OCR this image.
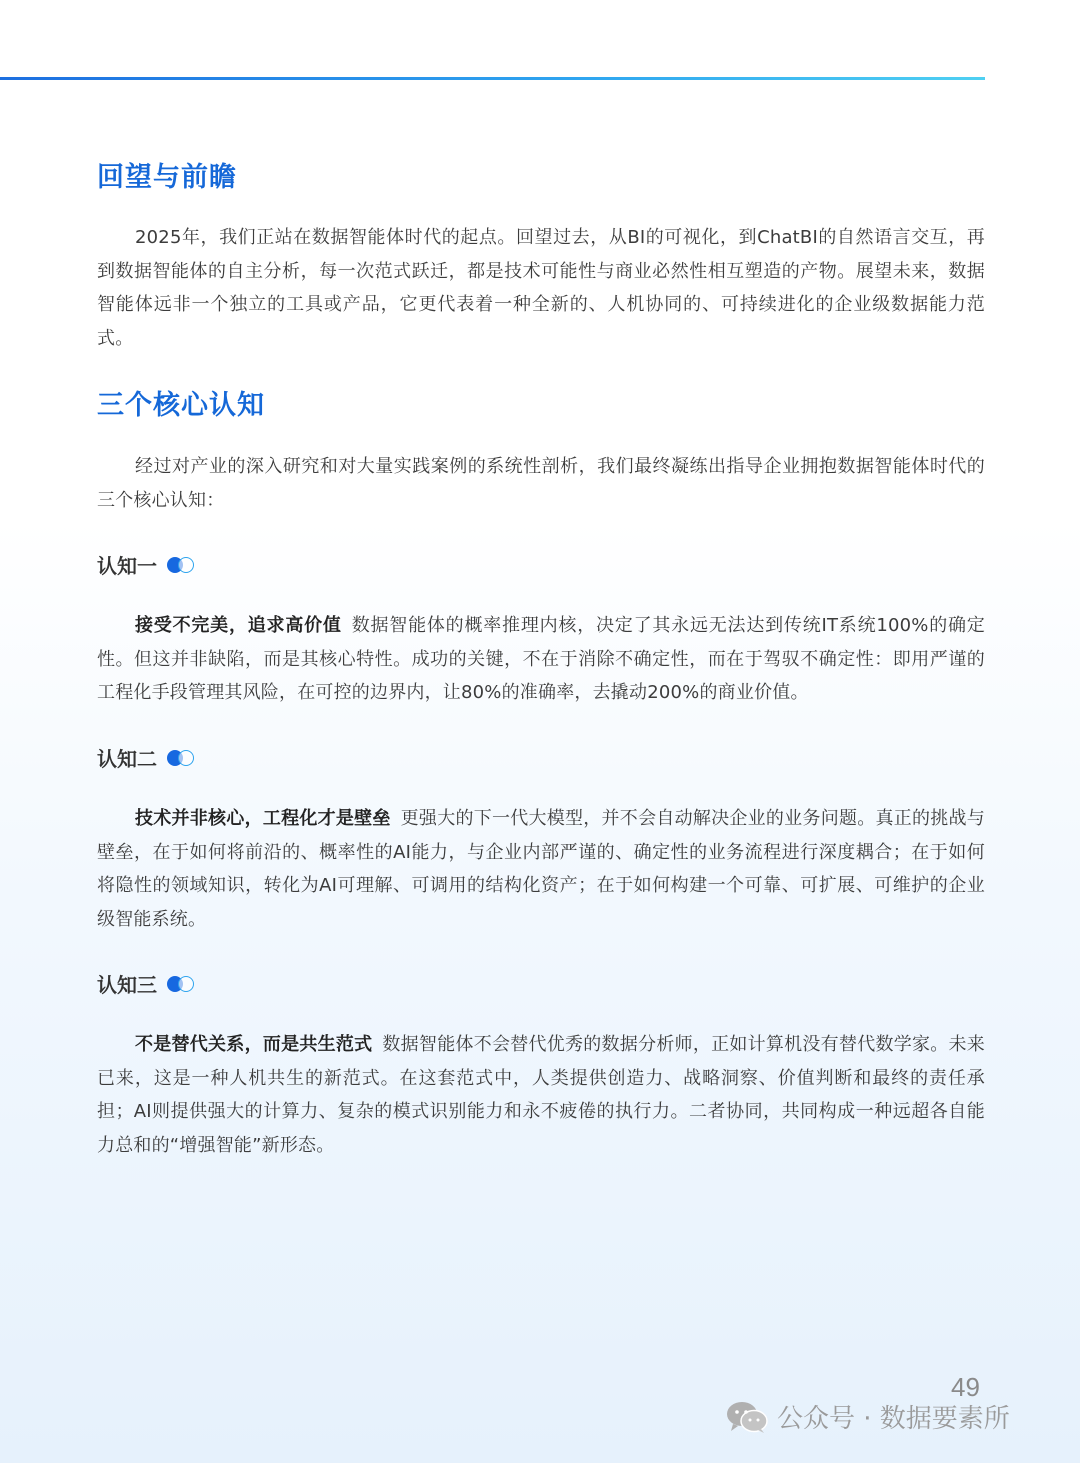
回望与前瞻
2025年，我们正站在数据智能体时代的起点。回望过去，从BI的可视化，到ChatBI的自然语言交互，再到数据智能体的自主分析，每一次范式跃迁，都是技术可能性与商业必然性相互塑造的产物。展望未来，数据智能体远非一个独立的工具或产品，它更代表着一种全新的、人机协同的、可持续进化的企业级数据能力范式。
三个核心认知
经过对产业的深入研究和对大量实践案例的系统性剖析，我们最终凝练出指导企业拥抱数据智能体时代的三个核心认知：
认知一
接受不完美，追求高价值 数据智能体的概率推理内核，决定了其永远无法达到传统IT系统100%的确定性。但这并非缺陷，而是其核心特性。成功的关键，不在于消除不确定性，而在于驾驭不确定性：即用严谨的工程化手段管理其风险，在可控的边界内，让80%的准确率，去撬动200%的商业价值。
认知二
技术并非核心，工程化才是壁垒 更强大的下一代大模型，并不会自动解决企业的业务问题。真正的挑战与壁垒，在于如何将前沿的、概率性的AI能力，与企业内部严谨的、确定性的业务流程进行深度耦合；在于如何将隐性的领域知识，转化为AI可理解、可调用的结构化资产；在于如何构建一个可靠、可扩展、可维护的企业级智能系统。
认知三
不是替代关系，而是共生范式 数据智能体不会替代优秀的数据分析师，正如计算机没有替代数学家。未来已来，这是一种人机共生的新范式。在这套范式中，人类提供创造力、战略洞察、价值判断和最终的责任承担；AI则提供强大的计算力、复杂的模式识别能力和永不疲倦的执行力。二者协同，共同构成一种远超各自能力总和的“增强智能”新形态。
49
公众号 · 数据要素所
